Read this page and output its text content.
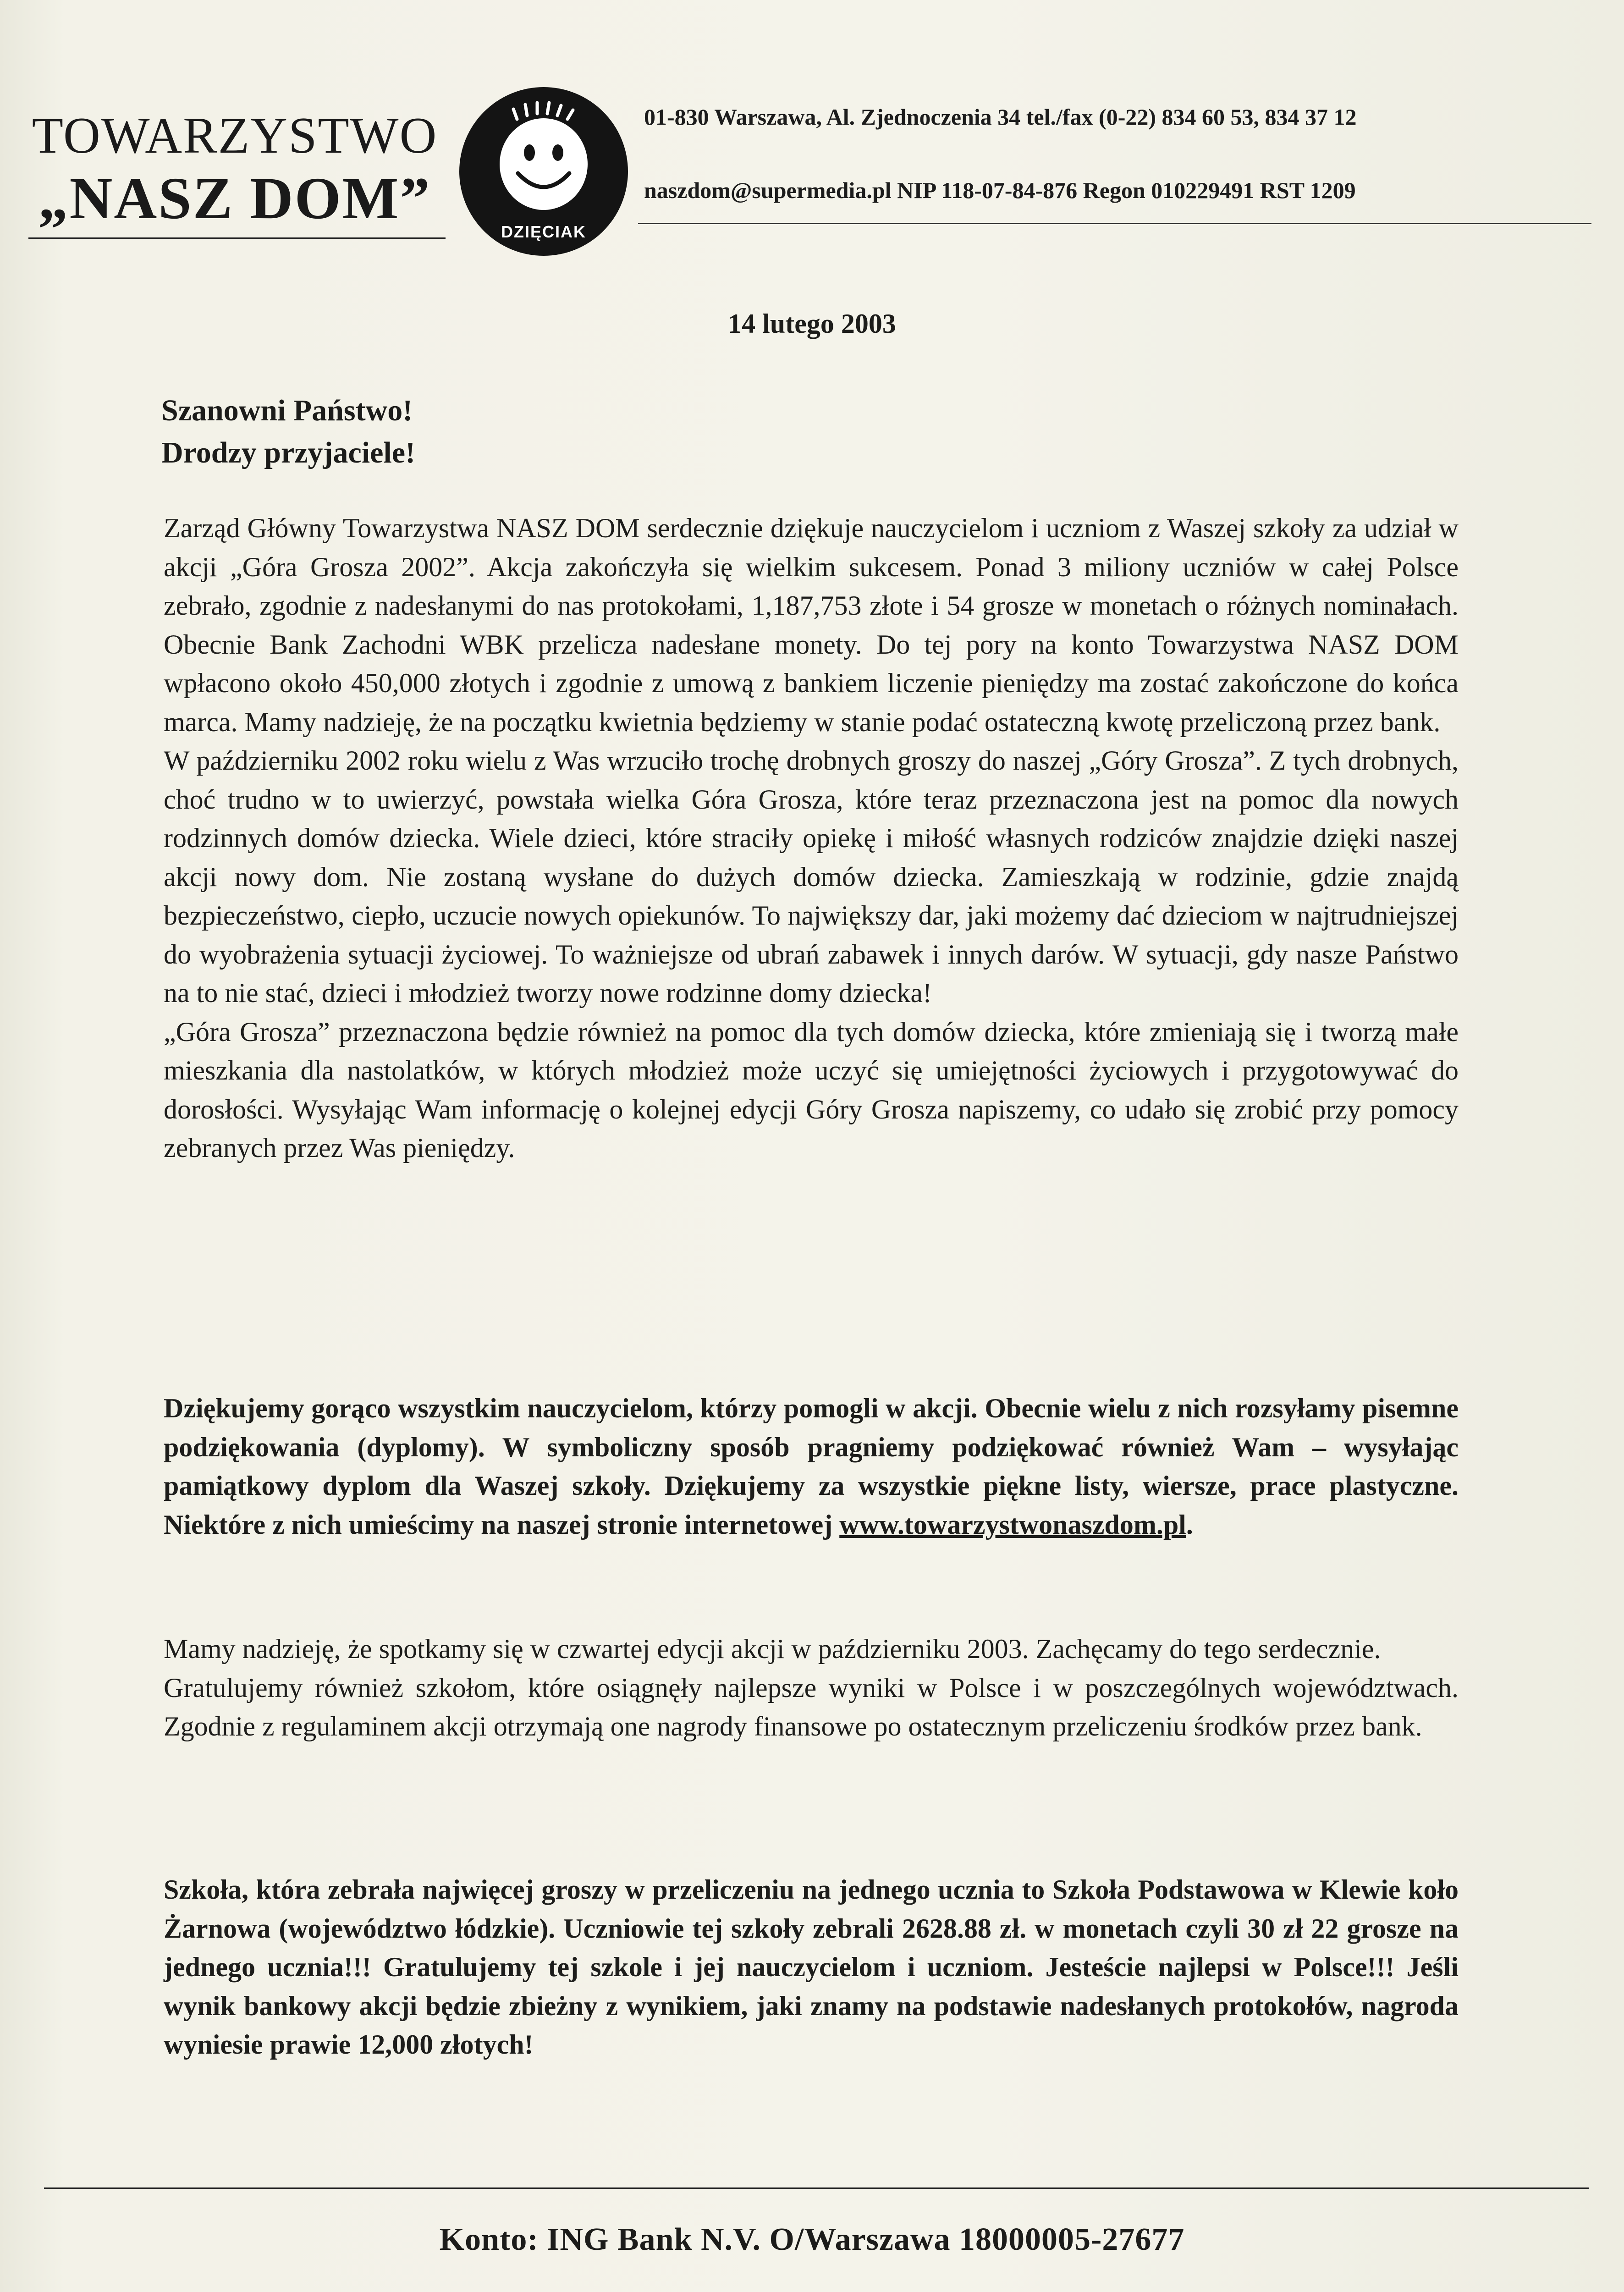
TOWARZYSTWO
„NASZ DOM”
DZIĘCIAK
01-830 Warszawa, Al. Zjednoczenia 34 tel./fax (0-22) 834 60 53, 834 37 12
naszdom@supermedia.pl NIP 118-07-84-876 Regon 010229491 RST 1209
14 lutego 2003
Szanowni Państwo!
Drodzy przyjaciele!

Zarząd Główny Towarzystwa NASZ DOM serdecznie dziękuje nauczycielom i uczniom z Waszej szkoły za udział w akcji „Góra Grosza 2002”. Akcja zakończyła się wielkim sukcesem. Ponad 3 miliony uczniów w całej Polsce zebrało, zgodnie z nadesłanymi do nas protokołami, 1,187,753 złote i 54 grosze w monetach o różnych nominałach. Obecnie Bank Zachodni WBK przelicza nadesłane monety. Do tej pory na konto Towarzystwa NASZ DOM wpłacono około 450,000 złotych i zgodnie z umową z bankiem liczenie pieniędzy ma zostać zakończone do końca marca. Mamy nadzieję, że na początku kwietnia będziemy w stanie podać ostateczną kwotę przeliczoną przez bank.

W październiku 2002 roku wielu z Was wrzuciło trochę drobnych groszy do naszej „Góry Grosza”. Z tych drobnych, choć trudno w to uwierzyć, powstała wielka Góra Grosza, które teraz przeznaczona jest na pomoc dla nowych rodzinnych domów dziecka. Wiele dzieci, które straciły opiekę i miłość własnych rodziców znajdzie dzięki naszej akcji nowy dom. Nie zostaną wysłane do dużych domów dziecka. Zamieszkają w rodzinie, gdzie znajdą bezpieczeństwo, ciepło, uczucie nowych opiekunów. To największy dar, jaki możemy dać dzieciom w najtrudniejszej do wyobrażenia sytuacji życiowej. To ważniejsze od ubrań zabawek i innych darów. W sytuacji, gdy nasze Państwo na to nie stać, dzieci i młodzież tworzy nowe rodzinne domy dziecka!

„Góra Grosza” przeznaczona będzie również na pomoc dla tych domów dziecka, które zmieniają się i tworzą małe mieszkania dla nastolatków, w których młodzież może uczyć się umiejętności życiowych i przygotowywać do dorosłości. Wysyłając Wam informację o kolejnej edycji Góry Grosza napiszemy, co udało się zrobić przy pomocy zebranych przez Was pieniędzy.

Dziękujemy gorąco wszystkim nauczycielom, którzy pomogli w akcji. Obecnie wielu z nich rozsyłamy pisemne podziękowania (dyplomy). W symboliczny sposób pragniemy podziękować również Wam – wysyłając pamiątkowy dyplom dla Waszej szkoły. Dziękujemy za wszystkie piękne listy, wiersze, prace plastyczne. Niektóre z nich umieścimy na naszej stronie internetowej www.towarzystwonaszdom.pl.

Mamy nadzieję, że spotkamy się w czwartej edycji akcji w październiku 2003. Zachęcamy do tego serdecznie.

Gratulujemy również szkołom, które osiągnęły najlepsze wyniki w Polsce i w poszczególnych województwach. Zgodnie z regulaminem akcji otrzymają one nagrody finansowe po ostatecznym przeliczeniu środków przez bank.

Szkoła, która zebrała najwięcej groszy w przeliczeniu na jednego ucznia to Szkoła Podstawowa w Klewie koło Żarnowa (województwo łódzkie). Uczniowie tej szkoły zebrali 2628.88 zł. w monetach czyli 30 zł 22 grosze na jednego ucznia!!! Gratulujemy tej szkole i jej nauczycielom i uczniom. Jesteście najlepsi w Polsce!!! Jeśli wynik bankowy akcji będzie zbieżny z wynikiem, jaki znamy na podstawie nadesłanych protokołów, nagroda wyniesie prawie 12,000 złotych!

Konto: ING Bank N.V. O/Warszawa 18000005-27677
